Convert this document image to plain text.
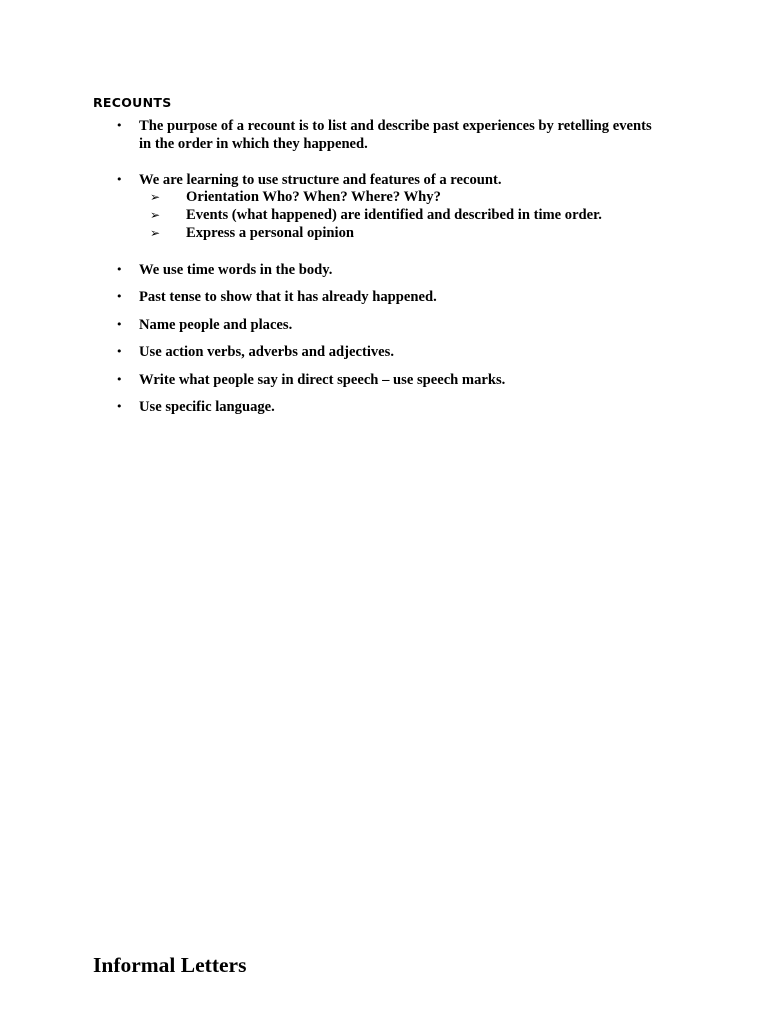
RECOUNTS
• The purpose of a recount is to list and describe past experiences by retelling events in the order in which they happened.
• We are learning to use structure and features of a recount.
➢ Orientation Who? When? Where? Why?
➢ Events (what happened) are identified and described in time order.
➢ Express a personal opinion
• We use time words in the body.
• Past tense to show that it has already happened.
• Name people and places.
• Use action verbs, adverbs and adjectives.
• Write what people say in direct speech – use speech marks.
• Use specific language.
Informal Letters
